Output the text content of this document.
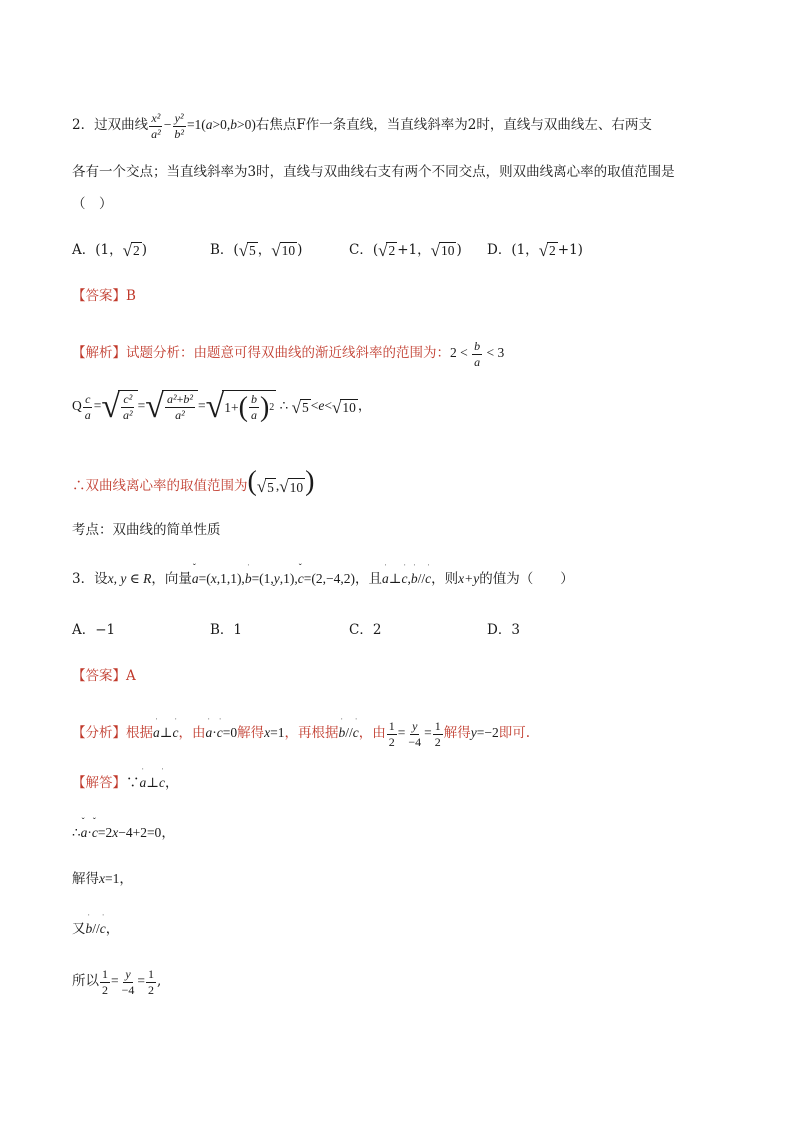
2．过双曲线 $\frac{\text{x²}}{\text{a²}} - \frac{\text{y²}}{\text{b²}} =1(a>0,b>0)$右焦点F作一条直线，当直线斜率为2时，直线与双曲线左、右两支
各有一个交点；当直线斜率为3时，直线与双曲线右支有两个不同交点，则双曲线离心率的取值范围是
（　）
A．(1， √ 2 )	B．( √ 5 ， √ 10 )	C．( √ 2 +1， √ 10 ) D．(1， √ 2 +1)
【答案】B
【解析】试题分析：由题意可得双曲线的渐近线斜率的范围为：$2 < \frac{b}{a} < 3$
Q $\frac{c}{a}$ = √ $\frac{\text{c²}}{\text{a²}}$ = √ $\frac{\text{a²+b²}}{\text{a²}}$ = √ 1+ ( $\frac{b}{a}$ ) 2 ∴ √ 5 <e< √ 10 ，
∴双曲线离心率的取值范围为( √ 5 , √ 10 )
考点：双曲线的简单性质
3．设x, y ∈ R，向量ˇ a=(x,1,1),ˈ b=(1,y,1),ˇ c=(2,−4,2)，且ˈ a⊥ˈ c,ˈ b//ˈ c，则x+y的值为（　　）
A．−1	B．1	C．2	D．3
【答案】A
【分析】根据ˈ a⊥ˈ c，由ˈ a·ˈ c=0解得x=1，再根据ˈ b//ˈ c，由 $\frac{1}{2} = \frac{y}{-4} = \frac{1}{2}$ 解得y=−2即可.
【解答】∵ˈ a⊥ˈ c，
∴ˇ a·ˇ c=2x−4+2=0，
解得x=1，
又ˈ b//ˈ c，
所以 $\frac{1}{2} = \frac{y}{-4} = \frac{1}{2}$ ,
